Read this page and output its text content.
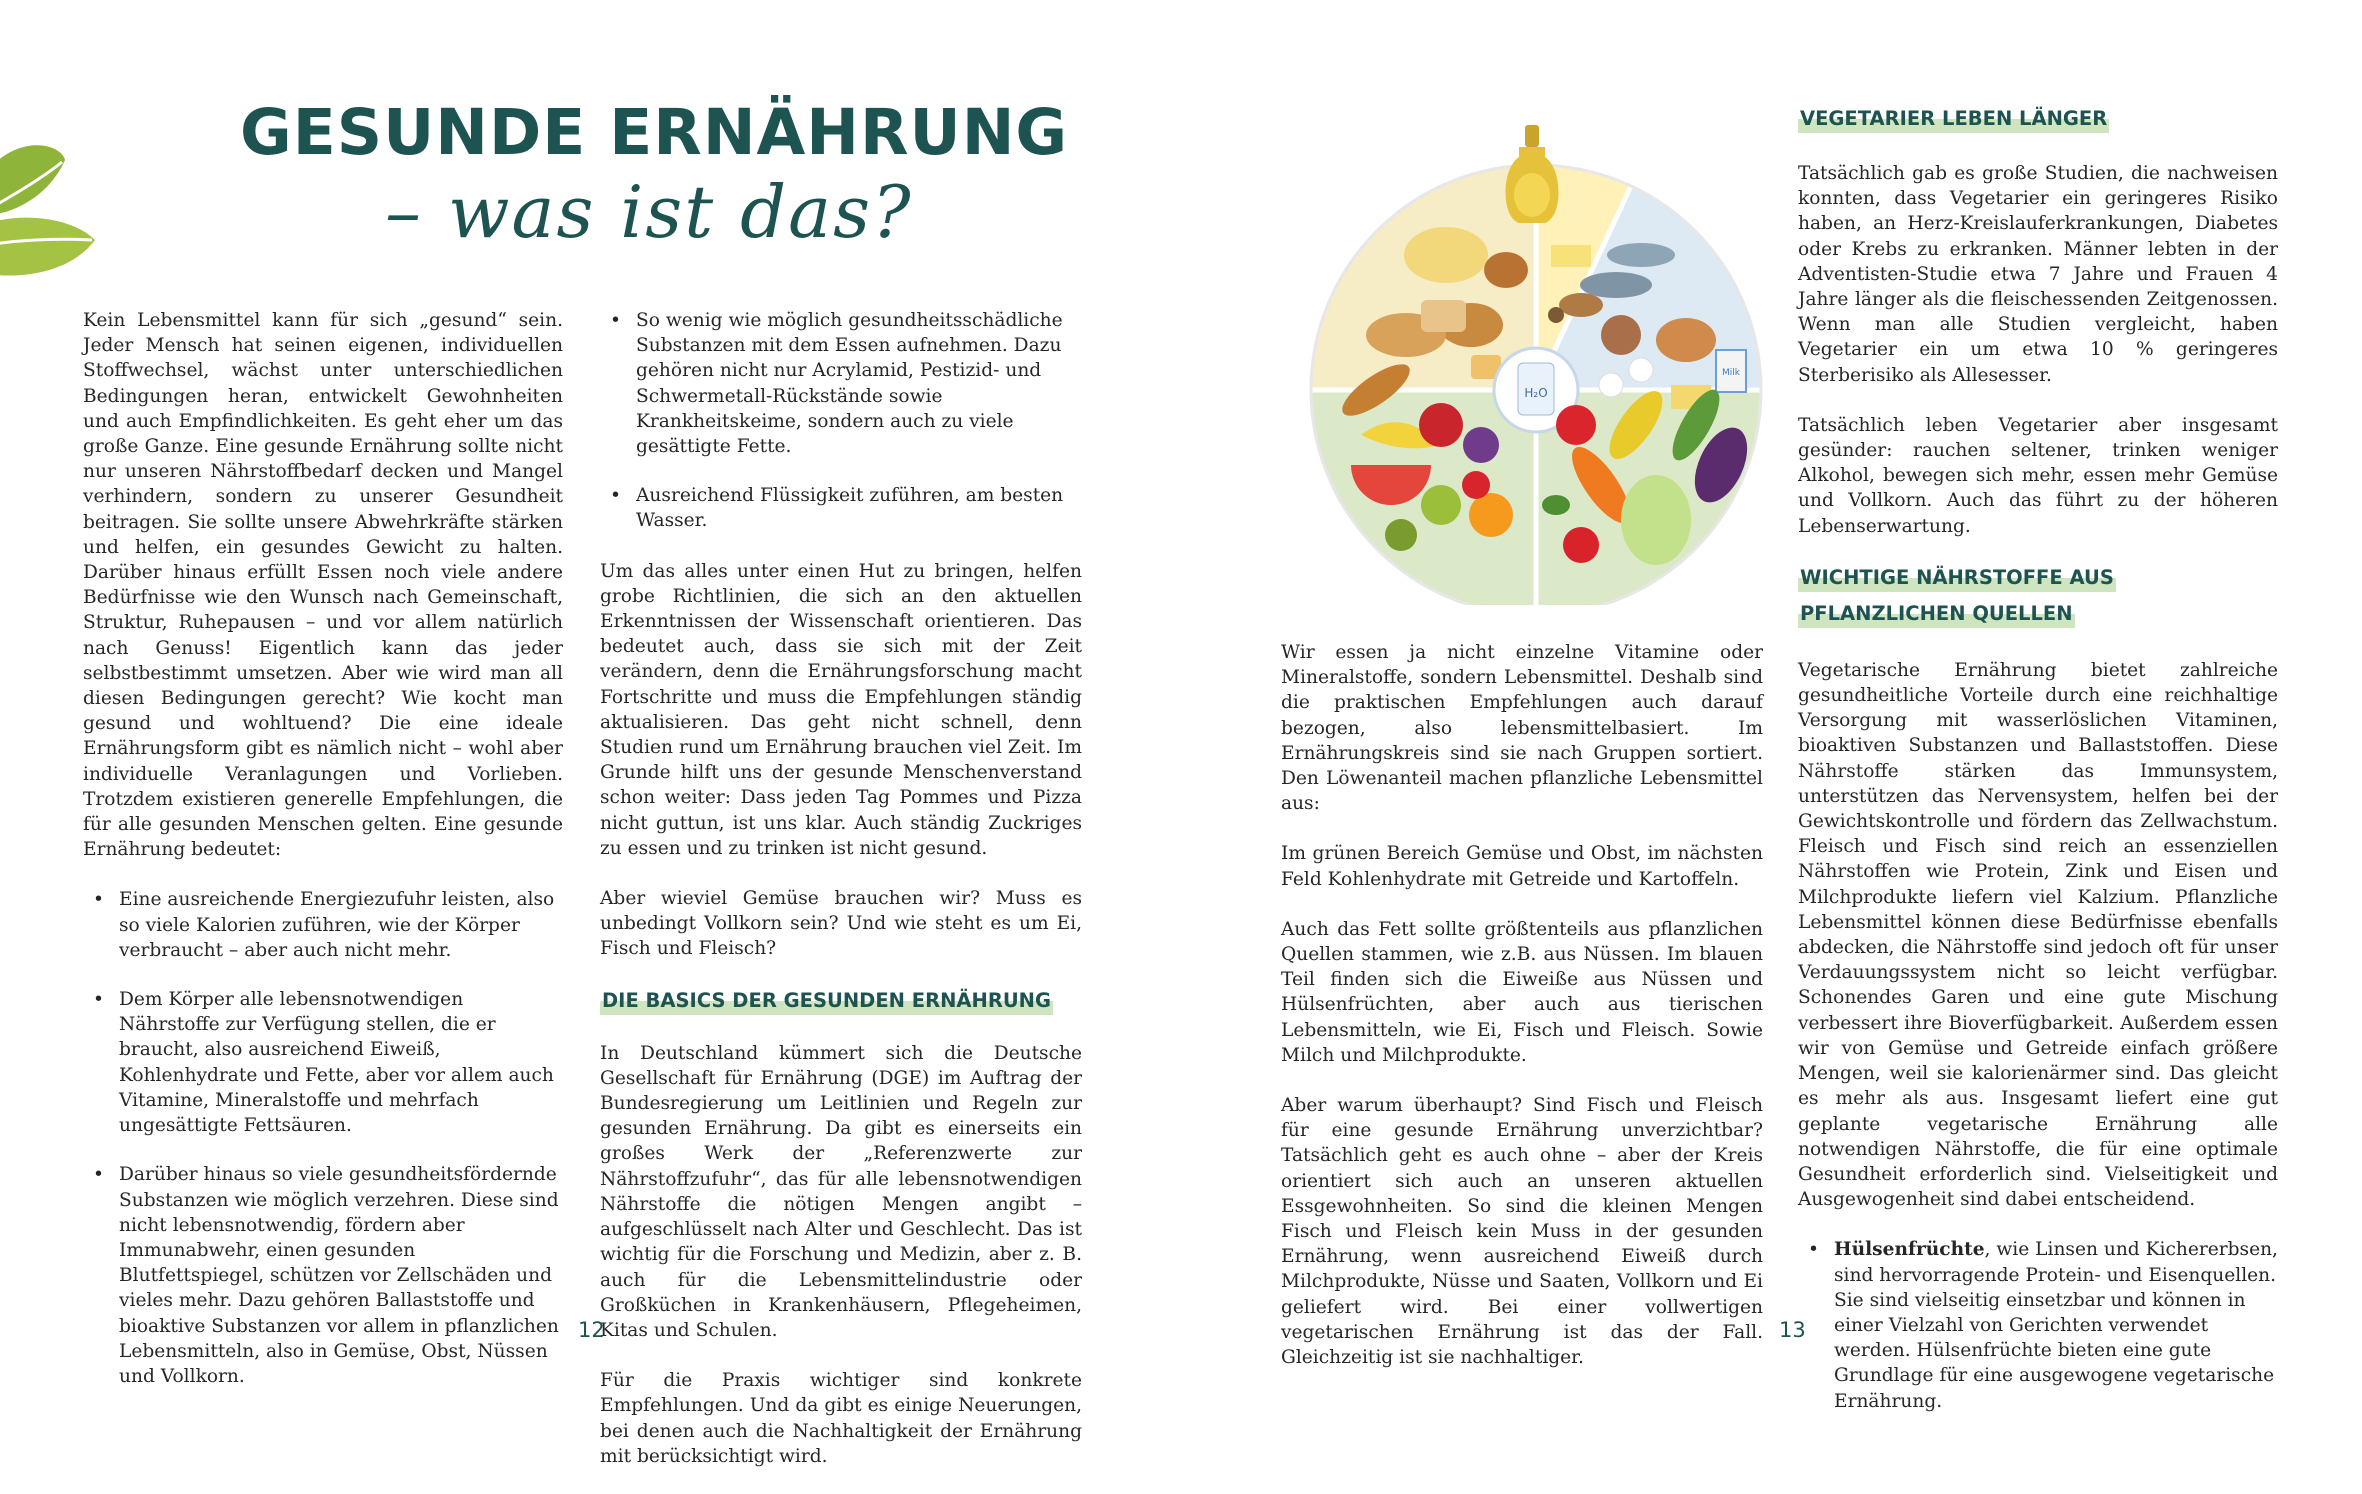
GESUNDE ERNÄHRUNG
– was ist das?

Kein Lebensmittel kann für sich „gesund“ sein. Jeder Mensch hat seinen eigenen, individuellen Stoffwechsel, wächst unter unterschiedlichen Bedingungen heran, entwickelt Gewohnheiten und auch Empfindlichkeiten. Es geht eher um das große Ganze. Eine gesunde Ernährung sollte nicht nur unseren Nährstoffbedarf decken und Mangel verhindern, sondern zu unserer Gesundheit beitragen. Sie sollte unsere Abwehrkräfte stärken und helfen, ein gesundes Gewicht zu halten. Darüber hinaus erfüllt Essen noch viele andere Bedürfnisse wie den Wunsch nach Gemeinschaft, Struktur, Ruhepausen – und vor allem natürlich nach Genuss! Eigentlich kann das jeder selbstbestimmt umsetzen. Aber wie wird man all diesen Bedingungen gerecht? Wie kocht man gesund und wohltuend? Die eine ideale Ernährungsform gibt es nämlich nicht – wohl aber individuelle Veranlagungen und Vorlieben. Trotzdem existieren generelle Empfehlungen, die für alle gesunden Menschen gelten. Eine gesunde Ernährung bedeutet:

• Eine ausreichende Energiezufuhr leisten, also so viele Kalorien zuführen, wie der Körper verbraucht – aber auch nicht mehr.
• Dem Körper alle lebensnotwendigen Nährstoffe zur Verfügung stellen, die er braucht, also ausreichend Eiweiß, Kohlenhydrate und Fette, aber vor allem auch Vitamine, Mineralstoffe und mehrfach ungesättigte Fettsäuren.
• Darüber hinaus so viele gesundheitsfördernde Substanzen wie möglich verzehren. Diese sind nicht lebensnotwendig, fördern aber Immunabwehr, einen gesunden Blutfettspiegel, schützen vor Zellschäden und vieles mehr. Dazu gehören Ballaststoffe und bioaktive Substanzen vor allem in pflanzlichen Lebensmitteln, also in Gemüse, Obst, Nüssen und Vollkorn.
• So wenig wie möglich gesundheitsschädliche Substanzen mit dem Essen aufnehmen. Dazu gehören nicht nur Acrylamid, Pestizid- und Schwermetall-Rückstände sowie Krankheitskeime, sondern auch zu viele gesättigte Fette.
• Ausreichend Flüssigkeit zuführen, am besten Wasser.

Um das alles unter einen Hut zu bringen, helfen grobe Richtlinien, die sich an den aktuellen Erkenntnissen der Wissenschaft orientieren. Das bedeutet auch, dass sie sich mit der Zeit verändern, denn die Ernährungsforschung macht Fortschritte und muss die Empfehlungen ständig aktualisieren. Das geht nicht schnell, denn Studien rund um Ernährung brauchen viel Zeit. Im Grunde hilft uns der gesunde Menschenverstand schon weiter: Dass jeden Tag Pommes und Pizza nicht guttun, ist uns klar. Auch ständig Zuckriges zu essen und zu trinken ist nicht gesund.

Aber wieviel Gemüse brauchen wir? Muss es unbedingt Vollkorn sein? Und wie steht es um Ei, Fisch und Fleisch?

DIE BASICS DER GESUNDEN ERNÄHRUNG

In Deutschland kümmert sich die Deutsche Gesellschaft für Ernährung (DGE) im Auftrag der Bundesregierung um Leitlinien und Regeln zur gesunden Ernährung. Da gibt es einerseits ein großes Werk der „Referenzwerte zur Nährstoffzufuhr“, das für alle lebensnotwendigen Nährstoffe die nötigen Mengen angibt – aufgeschlüsselt nach Alter und Geschlecht. Das ist wichtig für die Forschung und Medizin, aber z. B. auch für die Lebensmittelindustrie oder Großküchen in Krankenhäusern, Pflegeheimen, Kitas und Schulen.

Für die Praxis wichtiger sind konkrete Empfehlungen. Und da gibt es einige Neuerungen, bei denen auch die Nachhaltigkeit der Ernährung mit berücksichtigt wird.

12
Milk
H₂O

Wir essen ja nicht einzelne Vitamine oder Mineralstoffe, sondern Lebensmittel. Deshalb sind die praktischen Empfehlungen auch darauf bezogen, also lebensmittelbasiert. Im Ernährungskreis sind sie nach Gruppen sortiert. Den Löwenanteil machen pflanzliche Lebensmittel aus:

Im grünen Bereich Gemüse und Obst, im nächsten Feld Kohlenhydrate mit Getreide und Kartoffeln.

Auch das Fett sollte größtenteils aus pflanzlichen Quellen stammen, wie z.B. aus Nüssen. Im blauen Teil finden sich die Eiweiße aus Nüssen und Hülsenfrüchten, aber auch aus tierischen Lebensmitteln, wie Ei, Fisch und Fleisch. Sowie Milch und Milchprodukte.

Aber warum überhaupt? Sind Fisch und Fleisch für eine gesunde Ernährung unverzichtbar? Tatsächlich geht es auch ohne – aber der Kreis orientiert sich auch an unseren aktuellen Essgewohnheiten. So sind die kleinen Mengen Fisch und Fleisch kein Muss in der gesunden Ernährung, wenn ausreichend Eiweiß durch Milchprodukte, Nüsse und Saaten, Vollkorn und Ei geliefert wird. Bei einer vollwertigen vegetarischen Ernährung ist das der Fall. Gleichzeitig ist sie nachhaltiger.

VEGETARIER LEBEN LÄNGER

Tatsächlich gab es große Studien, die nachweisen konnten, dass Vegetarier ein geringeres Risiko haben, an Herz-Kreislauferkrankungen, Diabetes oder Krebs zu erkranken. Männer lebten in der Adventisten-Studie etwa 7 Jahre und Frauen 4 Jahre länger als die fleischessenden Zeitgenossen. Wenn man alle Studien vergleicht, haben Vegetarier ein um etwa 10 % geringeres Sterberisiko als Allesesser.

Tatsächlich leben Vegetarier aber insgesamt gesünder: rauchen seltener, trinken weniger Alkohol, bewegen sich mehr, essen mehr Gemüse und Vollkorn. Auch das führt zu der höheren Lebenserwartung.

WICHTIGE NÄHRSTOFFE AUS
PFLANZLICHEN QUELLEN

Vegetarische Ernährung bietet zahlreiche gesundheitliche Vorteile durch eine reichhaltige Versorgung mit wasserlöslichen Vitaminen, bioaktiven Substanzen und Ballaststoffen. Diese Nährstoffe stärken das Immunsystem, unterstützen das Nervensystem, helfen bei der Gewichtskontrolle und fördern das Zellwachstum. Fleisch und Fisch sind reich an essenziellen Nährstoffen wie Protein, Zink und Eisen und Milchprodukte liefern viel Kalzium. Pflanzliche Lebensmittel können diese Bedürfnisse ebenfalls abdecken, die Nährstoffe sind jedoch oft für unser Verdauungssystem nicht so leicht verfügbar. Schonendes Garen und eine gute Mischung verbessert ihre Bioverfügbarkeit. Außerdem essen wir von Gemüse und Getreide einfach größere Mengen, weil sie kalorienärmer sind. Das gleicht es mehr als aus. Insgesamt liefert eine gut geplante vegetarische Ernährung alle notwendigen Nährstoffe, die für eine optimale Gesundheit erforderlich sind. Vielseitigkeit und Ausgewogenheit sind dabei entscheidend.

• Hülsenfrüchte, wie Linsen und Kichererbsen, sind hervorragende Protein- und Eisenquellen. Sie sind vielseitig einsetzbar und können in einer Vielzahl von Gerichten verwendet werden. Hülsenfrüchte bieten eine gute Grundlage für eine ausgewogene vegetarische Ernährung.
13
